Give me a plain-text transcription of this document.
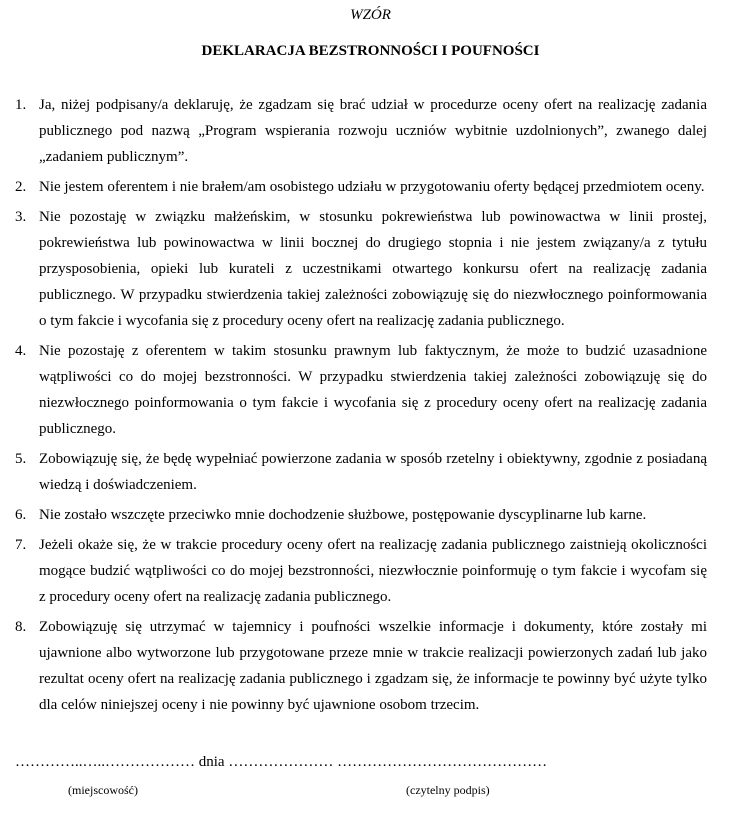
WZÓR
DEKLARACJA BEZSTRONNOŚCI I POUFNOŚCI
1. Ja, niżej podpisany/a deklaruję, że zgadzam się brać udział w procedurze oceny ofert na realizację zadania publicznego pod nazwą „Program wspierania rozwoju uczniów wybitnie uzdolnionych”, zwanego dalej „zadaniem publicznym”.
2. Nie jestem oferentem i nie brałem/am osobistego udziału w przygotowaniu oferty będącej przedmiotem oceny.
3. Nie pozostaję w związku małżeńskim, w stosunku pokrewieństwa lub powinowactwa w linii prostej, pokrewieństwa lub powinowactwa w linii bocznej do drugiego stopnia i nie jestem związany/a z tytułu przysposobienia, opieki lub kurateli z uczestnikami otwartego konkursu ofert na realizację zadania publicznego. W przypadku stwierdzenia takiej zależności zobowiązuję się do niezwłocznego poinformowania o tym fakcie i wycofania się z procedury oceny ofert na realizację zadania publicznego.
4. Nie pozostaję z oferentem w takim stosunku prawnym lub faktycznym, że może to budzić uzasadnione wątpliwości co do mojej bezstronności. W przypadku stwierdzenia takiej zależności zobowiązuję się do niezwłocznego poinformowania o tym fakcie i wycofania się z procedury oceny ofert na realizację zadania publicznego.
5. Zobowiązuję się, że będę wypełniać powierzone zadania w sposób rzetelny i obiektywny, zgodnie z posiadaną wiedzą i doświadczeniem.
6. Nie zostało wszczęte przeciwko mnie dochodzenie służbowe, postępowanie dyscyplinarne lub karne.
7. Jeżeli okaże się, że w trakcie procedury oceny ofert na realizację zadania publicznego zaistnieją okoliczności mogące budzić wątpliwości co do mojej bezstronności, niezwłocznie poinformuję o tym fakcie i wycofam się z procedury oceny ofert na realizację zadania publicznego.
8. Zobowiązuję się utrzymać w tajemnicy i poufności wszelkie informacje i dokumenty, które zostały mi ujawnione albo wytworzone lub przygotowane przeze mnie w trakcie realizacji powierzonych zadań lub jako rezultat oceny ofert na realizację zadania publicznego i zgadzam się, że informacje te powinny być użyte tylko dla celów niniejszej oceny i nie powinny być ujawnione osobom trzecim.
…………..…..……………… dnia ………………… ……………………………………
(miejscowość)	(czytelny podpis)
